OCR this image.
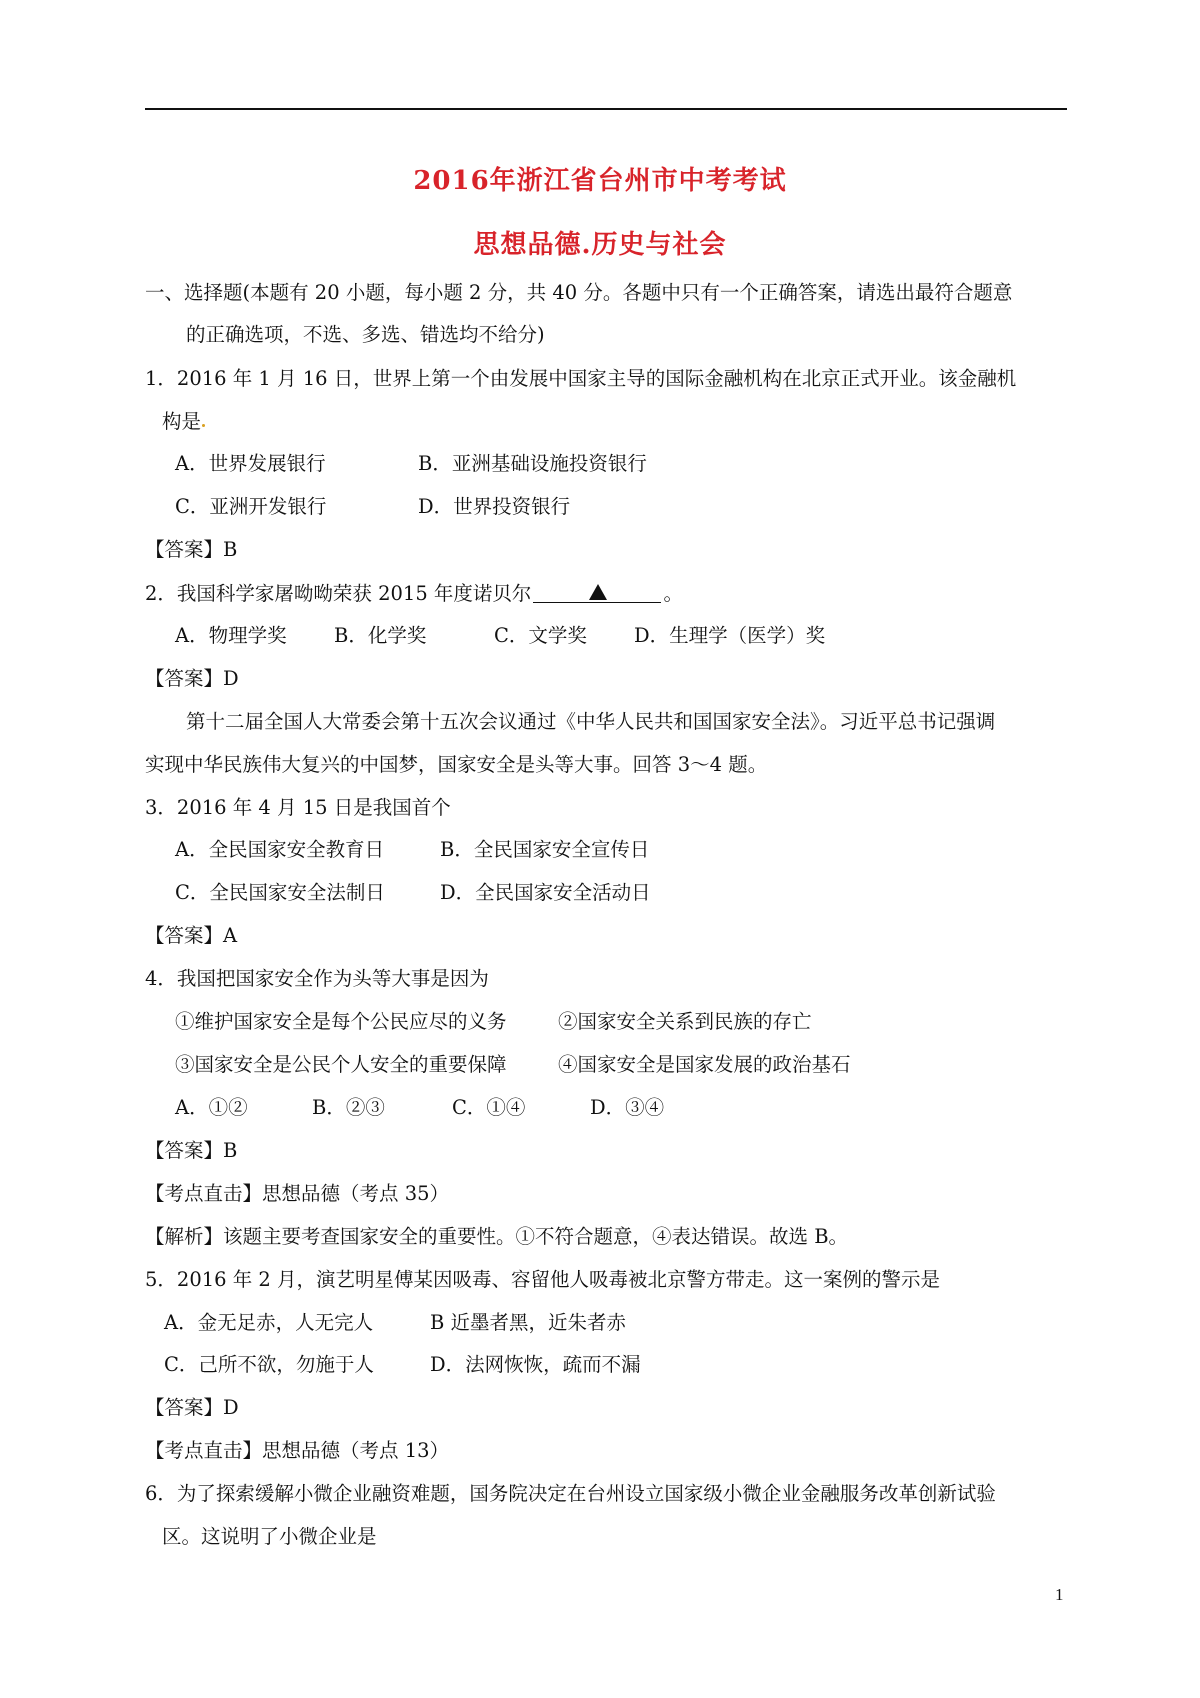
2016年浙江省台州市中考考试
思想品德.历史与社会
一、选择题(本题有 20 小题，每小题 2 分，共 40 分。各题中只有一个正确答案，请选出最符合题意
的正确选项，不选、多选、错选均不给分)
1．2016 年 1 月 16 日，世界上第一个由发展中国家主导的国际金融机构在北京正式开业。该金融机
构是
A．世界发展银行	B．亚洲基础设施投资银行
C．亚洲开发银行	D．世界投资银行
【答案】B
2．我国科学家屠呦呦荣获 2015 年度诺贝尔	。
A．物理学奖 B．化学奖	C．文学奖 D．生理学（医学）奖
【答案】D
第十二届全国人大常委会第十五次会议通过《中华人民共和国国家安全法》。习近平总书记强调
实现中华民族伟大复兴的中国梦，国家安全是头等大事。回答 3～4 题。
3．2016 年 4 月 15 日是我国首个
A．全民国家安全教育日	B．全民国家安全宣传日
C．全民国家安全法制日	D．全民国家安全活动日
【答案】A
4．我国把国家安全作为头等大事是因为
①维护国家安全是每个公民应尽的义务	②国家安全关系到民族的存亡
③国家安全是公民个人安全的重要保障	④国家安全是国家发展的政治基石
A．①②	B．②③	C．①④	D．③④
【答案】B
【考点直击】思想品德（考点 35）
【解析】该题主要考查国家安全的重要性。①不符合题意，④表达错误。故选 B。
5．2016 年 2 月，演艺明星傅某因吸毒、容留他人吸毒被北京警方带走。这一案例的警示是
A．金无足赤，人无完人	B 近墨者黑，近朱者赤
C．己所不欲，勿施于人	D．法网恢恢，疏而不漏
【答案】D
【考点直击】思想品德（考点 13）
6．为了探索缓解小微企业融资难题，国务院决定在台州设立国家级小微企业金融服务改革创新试验
区。这说明了小微企业是
1
